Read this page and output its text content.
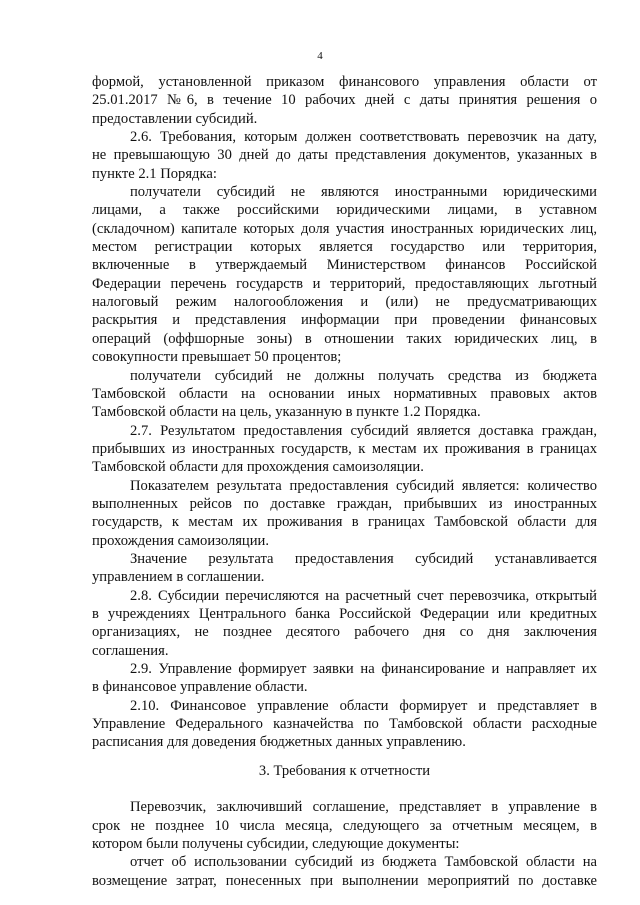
4
формой, установленной приказом финансового управления области от
25.01.2017 №6, в течение 10 рабочих дней с даты принятия решения о
предоставлении субсидий.
2.6. Требования, которым должен соответствовать перевозчик на дату,
не превышающую 30 дней до даты представления документов, указанных в
пункте 2.1 Порядка:
получатели субсидий не являются иностранными юридическими
лицами, а также российскими юридическими лицами, в уставном
(складочном) капитале которых доля участия иностранных юридических лиц,
местом регистрации которых является государство или территория,
включенные в утверждаемый Министерством финансов Российской
Федерации перечень государств и территорий, предоставляющих льготный
налоговый режим налогообложения и (или) не предусматривающих
раскрытия и представления информации при проведении финансовых
операций (оффшорные зоны) в отношении таких юридических лиц, в
совокупности превышает 50 процентов;
получатели субсидий не должны получать средства из бюджета
Тамбовской области на основании иных нормативных правовых актов
Тамбовской области на цель, указанную в пункте 1.2 Порядка.
2.7. Результатом предоставления субсидий является доставка граждан,
прибывших из иностранных государств, к местам их проживания в границах
Тамбовской области для прохождения самоизоляции.
Показателем результата предоставления субсидий является: количество
выполненных рейсов по доставке граждан, прибывших из иностранных
государств, к местам их проживания в границах Тамбовской области для
прохождения самоизоляции.
Значение результата предоставления субсидий устанавливается
управлением в соглашении.
2.8. Субсидии перечисляются на расчетный счет перевозчика, открытый
в учреждениях Центрального банка Российской Федерации или кредитных
организациях, не позднее десятого рабочего дня со дня заключения
соглашения.
2.9. Управление формирует заявки на финансирование и направляет их
в финансовое управление области.
2.10. Финансовое управление области формирует и представляет в
Управление Федерального казначейства по Тамбовской области расходные
расписания для доведения бюджетных данных управлению.
3. Требования к отчетности
Перевозчик, заключивший соглашение, представляет в управление в
срок не позднее 10 числа месяца, следующего за отчетным месяцем, в
котором были получены субсидии, следующие документы:
отчет об использовании субсидий из бюджета Тамбовской области на
возмещение затрат, понесенных при выполнении мероприятий по доставке
